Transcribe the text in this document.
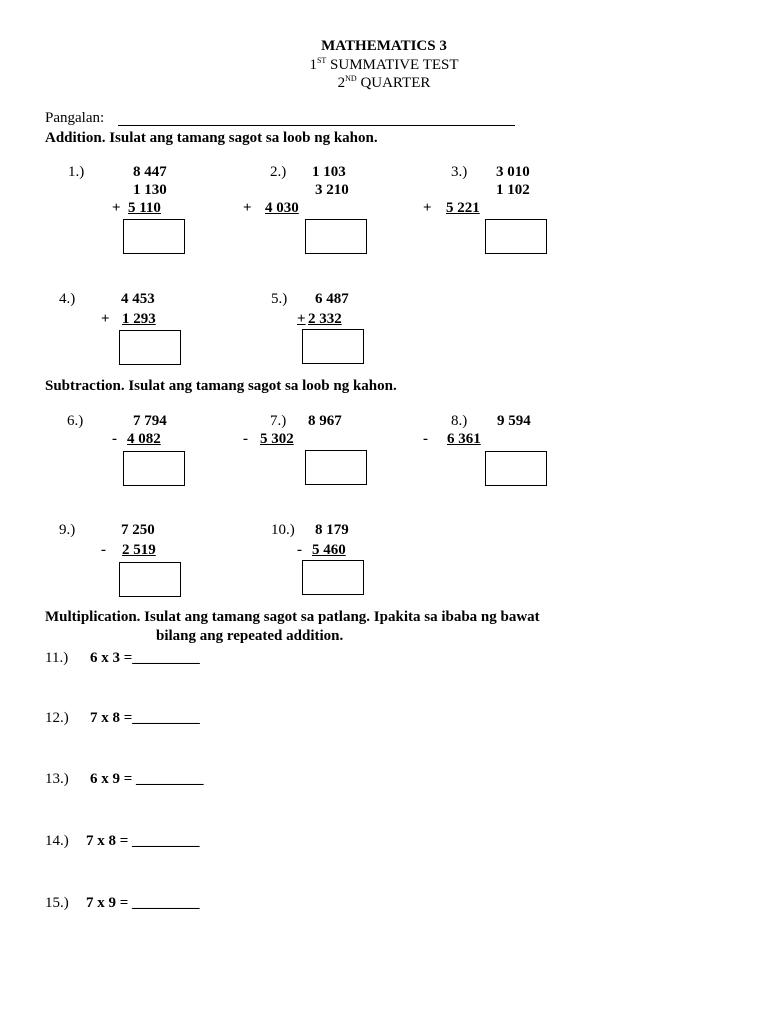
MATHEMATICS 3
1ST SUMMATIVE TEST
2ND QUARTER
Pangalan:
Addition. Isulat ang tamang sagot sa loob ng kahon.
1.)	8 447
1 130
+ 5 110
2.) 1 103
3 210
+ 4 030
3.) 3 010
1 102
+ 5 221
4.)	4 453
+ 1 293
5.) 6 487
+ 2 332
Subtraction. Isulat ang tamang sagot sa loob ng kahon.
6.)	7 794
- 4 082
7.) 8 967
- 5 302
8.) 9 594
- 6 361
9.)	7 250
- 2 519
10.) 8 179
- 5 460
Multiplication. Isulat ang tamang sagot sa patlang. Ipakita sa ibaba ng bawat
bilang ang repeated addition.
11.) 6 x 3 =_________
12.) 7 x 8 =_________
13.) 6 x 9 = _________
14.) 7 x 8 = _________
15.) 7 x 9 = _________
